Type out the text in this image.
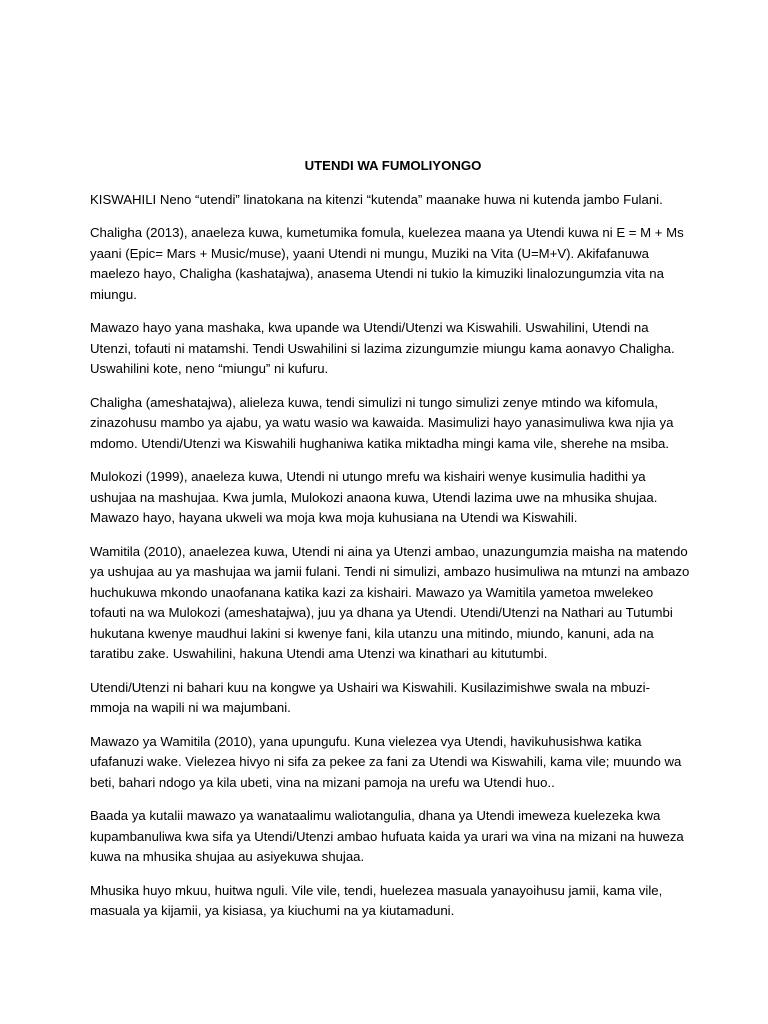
UTENDI WA FUMOLIYONGO

KISWAHILI Neno “utendi” linatokana na kitenzi “kutenda” maanake huwa ni kutenda jambo Fulani.

Chaligha (2013), anaeleza kuwa, kumetumika fomula, kuelezea maana ya Utendi kuwa ni E = M + Ms yaani (Epic= Mars + Music/muse), yaani Utendi ni mungu, Muziki na Vita (U=M+V). Akifafanuwa maelezo hayo, Chaligha (kashatajwa), anasema Utendi ni tukio la kimuziki linalozungumzia vita na miungu.

Mawazo hayo yana mashaka, kwa upande wa Utendi/Utenzi wa Kiswahili. Uswahilini, Utendi na Utenzi, tofauti ni matamshi. Tendi Uswahilini si lazima zizungumzie miungu kama aonavyo Chaligha. Uswahilini kote, neno “miungu” ni kufuru.

Chaligha (ameshatajwa), alieleza kuwa, tendi simulizi ni tungo simulizi zenye mtindo wa kifomula, zinazohusu mambo ya ajabu, ya watu wasio wa kawaida. Masimulizi hayo yanasimuliwa kwa njia ya mdomo. Utendi/Utenzi wa Kiswahili hughaniwa katika miktadha mingi kama vile, sherehe na msiba.

Mulokozi (1999), anaeleza kuwa, Utendi ni utungo mrefu wa kishairi wenye kusimulia hadithi ya ushujaa na mashujaa. Kwa jumla, Mulokozi anaona kuwa, Utendi lazima uwe na mhusika shujaa. Mawazo hayo, hayana ukweli wa moja kwa moja kuhusiana na Utendi wa Kiswahili.

Wamitila (2010), anaelezea kuwa, Utendi ni aina ya Utenzi ambao, unazungumzia maisha na matendo ya ushujaa au ya mashujaa wa jamii fulani. Tendi ni simulizi, ambazo husimuliwa na mtunzi na ambazo huchukuwa mkondo unaofanana katika kazi za kishairi. Mawazo ya Wamitila yametoa mwelekeo tofauti na wa Mulokozi (ameshatajwa), juu ya dhana ya Utendi. Utendi/Utenzi na Nathari au Tutumbi hukutana kwenye maudhui lakini si kwenye fani, kila utanzu una mitindo, miundo, kanuni, ada na taratibu zake. Uswahilini, hakuna Utendi ama Utenzi wa kinathari au kitutumbi.

Utendi/Utenzi ni bahari kuu na kongwe ya Ushairi wa Kiswahili. Kusilazimishwe swala na mbuzi- mmoja na wapili ni wa majumbani.

Mawazo ya Wamitila (2010), yana upungufu. Kuna vielezea vya Utendi, havikuhusishwa katika ufafanuzi wake. Vielezea hivyo ni sifa za pekee za fani za Utendi wa Kiswahili, kama vile; muundo wa beti, bahari ndogo ya kila ubeti, vina na mizani pamoja na urefu wa Utendi huo..

Baada ya kutalii mawazo ya wanataalimu waliotangulia, dhana ya Utendi imeweza kuelezeka kwa kupambanuliwa kwa sifa ya Utendi/Utenzi ambao hufuata kaida ya urari wa vina na mizani na huweza kuwa na mhusika shujaa au asiyekuwa shujaa.

Mhusika huyo mkuu, huitwa nguli. Vile vile, tendi, huelezea masuala yanayoihusu jamii, kama vile, masuala ya kijamii, ya kisiasa, ya kiuchumi na ya kiutamaduni.
